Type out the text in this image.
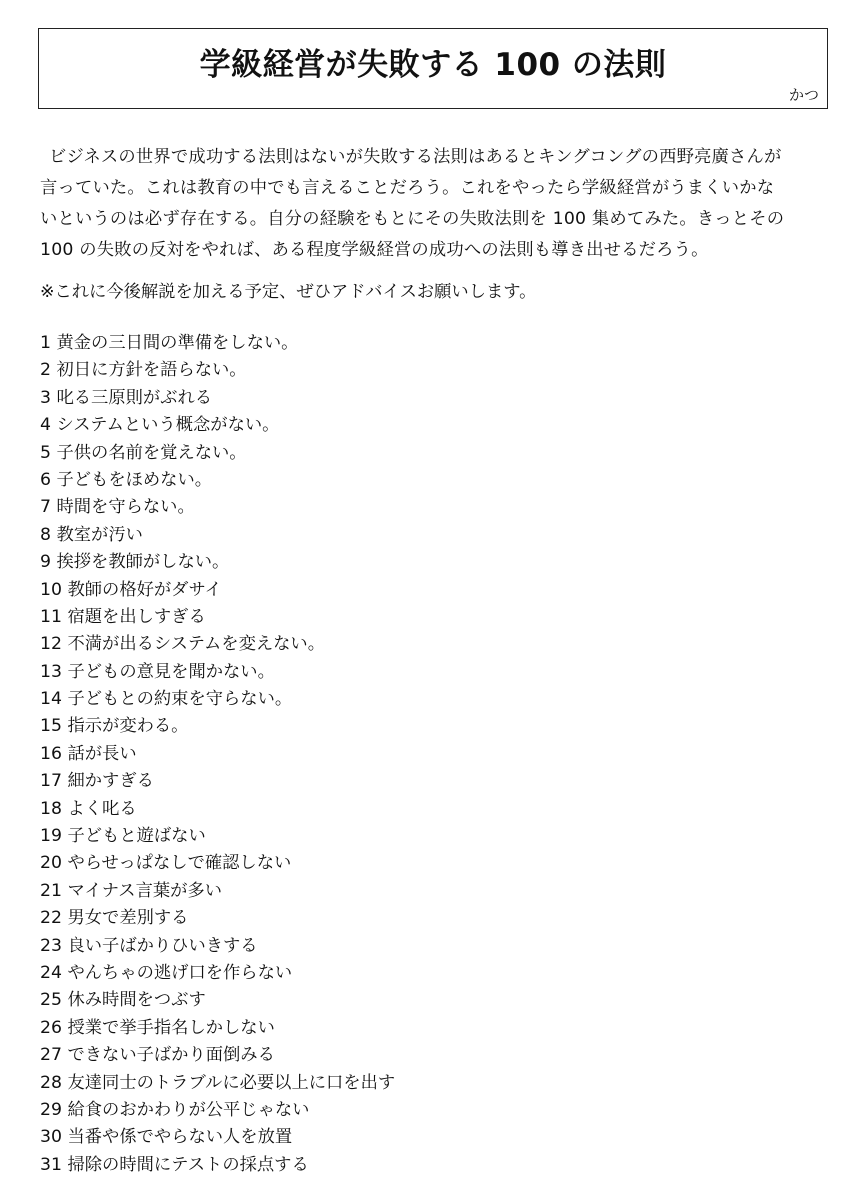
学級経営が失敗する 100 の法則

かつ

ビジネスの世界で成功する法則はないが失敗する法則はあるとキングコングの西野亮廣さんが
言っていた。これは教育の中でも言えることだろう。これをやったら学級経営がうまくいかな
いというのは必ず存在する。自分の経験をもとにその失敗法則を 100 集めてみた。きっとその
100 の失敗の反対をやれば、ある程度学級経営の成功への法則も導き出せるだろう。

※これに今後解説を加える予定、ぜひアドバイスお願いします。

1 黄金の三日間の準備をしない。
2 初日に方針を語らない。
3 叱る三原則がぶれる
4 システムという概念がない。
5 子供の名前を覚えない。
6 子どもをほめない。
7 時間を守らない。
8 教室が汚い
9 挨拶を教師がしない。
10 教師の格好がダサイ
11 宿題を出しすぎる
12 不満が出るシステムを変えない。
13 子どもの意見を聞かない。
14 子どもとの約束を守らない。
15 指示が変わる。
16 話が長い
17 細かすぎる
18 よく叱る
19 子どもと遊ばない
20 やらせっぱなしで確認しない
21 マイナス言葉が多い
22 男女で差別する
23 良い子ばかりひいきする
24 やんちゃの逃げ口を作らない
25 休み時間をつぶす
26 授業で挙手指名しかしない
27 できない子ばかり面倒みる
28 友達同士のトラブルに必要以上に口を出す
29 給食のおかわりが公平じゃない
30 当番や係でやらない人を放置
31 掃除の時間にテストの採点する
